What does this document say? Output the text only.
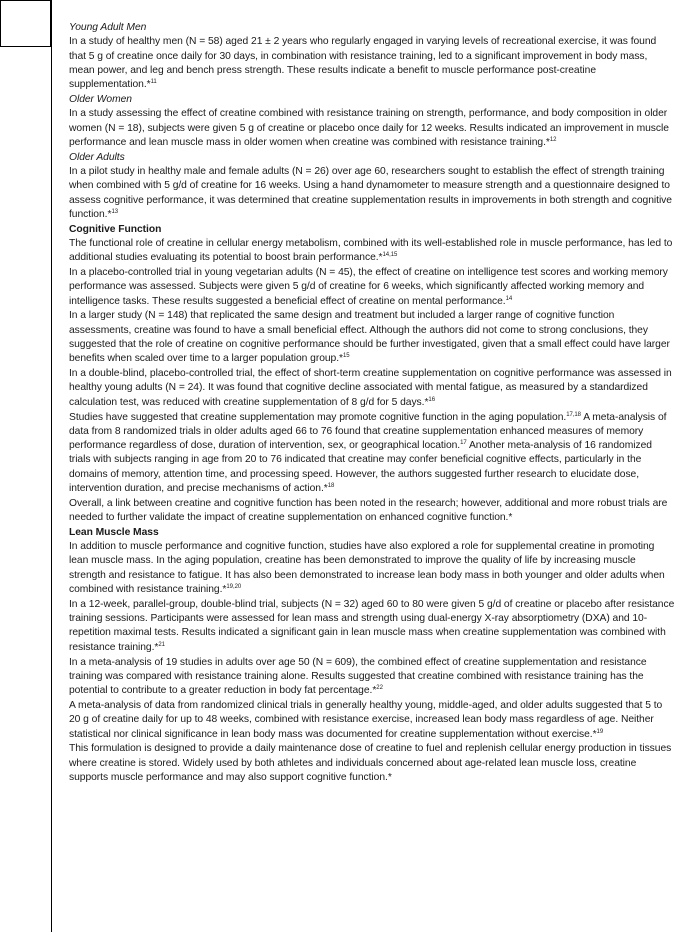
Young Adult Men

In a study of healthy men (N = 58) aged 21 ± 2 years who regularly engaged in varying levels of recreational exercise, it was found that 5 g of creatine once daily for 30 days, in combination with resistance training, led to a significant improvement in body mass, mean power, and leg and bench press strength. These results indicate a benefit to muscle performance post-creatine supplementation.*$^{11}$

Older Women

In a study assessing the effect of creatine combined with resistance training on strength, performance, and body composition in older women (N = 18), subjects were given 5 g of creatine or placebo once daily for 12 weeks. Results indicated an improvement in muscle performance and lean muscle mass in older women when creatine was combined with resistance training.*$^{12}$

Older Adults

In a pilot study in healthy male and female adults (N = 26) over age 60, researchers sought to establish the effect of strength training when combined with 5 g/d of creatine for 16 weeks. Using a hand dynamometer to measure strength and a questionnaire designed to assess cognitive performance, it was determined that creatine supplementation results in improvements in both strength and cognitive function.*$^{13}$

Cognitive Function

The functional role of creatine in cellular energy metabolism, combined with its well-established role in muscle performance, has led to additional studies evaluating its potential to boost brain performance.*$^{14,15}$

In a placebo-controlled trial in young vegetarian adults (N = 45), the effect of creatine on intelligence test scores and working memory performance was assessed. Subjects were given 5 g/d of creatine for 6 weeks, which significantly affected working memory and intelligence tasks. These results suggested a beneficial effect of creatine on mental performance.$^{14}$

In a larger study (N = 148) that replicated the same design and treatment but included a larger range of cognitive function assessments, creatine was found to have a small beneficial effect. Although the authors did not come to strong conclusions, they suggested that the role of creatine on cognitive performance should be further investigated, given that a small effect could have larger benefits when scaled over time to a larger population group.*$^{15}$

In a double-blind, placebo-controlled trial, the effect of short-term creatine supplementation on cognitive performance was assessed in healthy young adults (N = 24). It was found that cognitive decline associated with mental fatigue, as measured by a standardized calculation test, was reduced with creatine supplementation of 8 g/d for 5 days.*$^{16}$

Studies have suggested that creatine supplementation may promote cognitive function in the aging population.$^{17,18}$ A meta-analysis of data from 8 randomized trials in older adults aged 66 to 76 found that creatine supplementation enhanced measures of memory performance regardless of dose, duration of intervention, sex, or geographical location.$^{17}$ Another meta-analysis of 16 randomized trials with subjects ranging in age from 20 to 76 indicated that creatine may confer beneficial cognitive effects, particularly in the domains of memory, attention time, and processing speed. However, the authors suggested further research to elucidate dose, intervention duration, and precise mechanisms of action.*$^{18}$

Overall, a link between creatine and cognitive function has been noted in the research; however, additional and more robust trials are needed to further validate the impact of creatine supplementation on enhanced cognitive function.*

Lean Muscle Mass

In addition to muscle performance and cognitive function, studies have also explored a role for supplemental creatine in promoting lean muscle mass. In the aging population, creatine has been demonstrated to improve the quality of life by increasing muscle strength and resistance to fatigue. It has also been demonstrated to increase lean body mass in both younger and older adults when combined with resistance training.*$^{19,20}$

In a 12-week, parallel-group, double-blind trial, subjects (N = 32) aged 60 to 80 were given 5 g/d of creatine or placebo after resistance training sessions. Participants were assessed for lean mass and strength using dual-energy X-ray absorptiometry (DXA) and 10-repetition maximal tests. Results indicated a significant gain in lean muscle mass when creatine supplementation was combined with resistance training.*$^{21}$

In a meta-analysis of 19 studies in adults over age 50 (N = 609), the combined effect of creatine supplementation and resistance training was compared with resistance training alone. Results suggested that creatine combined with resistance training has the potential to contribute to a greater reduction in body fat percentage.*$^{22}$

A meta-analysis of data from randomized clinical trials in generally healthy young, middle-aged, and older adults suggested that 5 to 20 g of creatine daily for up to 48 weeks, combined with resistance exercise, increased lean body mass regardless of age. Neither statistical nor clinical significance in lean body mass was documented for creatine supplementation without exercise.*$^{19}$

This formulation is designed to provide a daily maintenance dose of creatine to fuel and replenish cellular energy production in tissues where creatine is stored. Widely used by both athletes and individuals concerned about age-related lean muscle loss, creatine supports muscle performance and may also support cognitive function.*
